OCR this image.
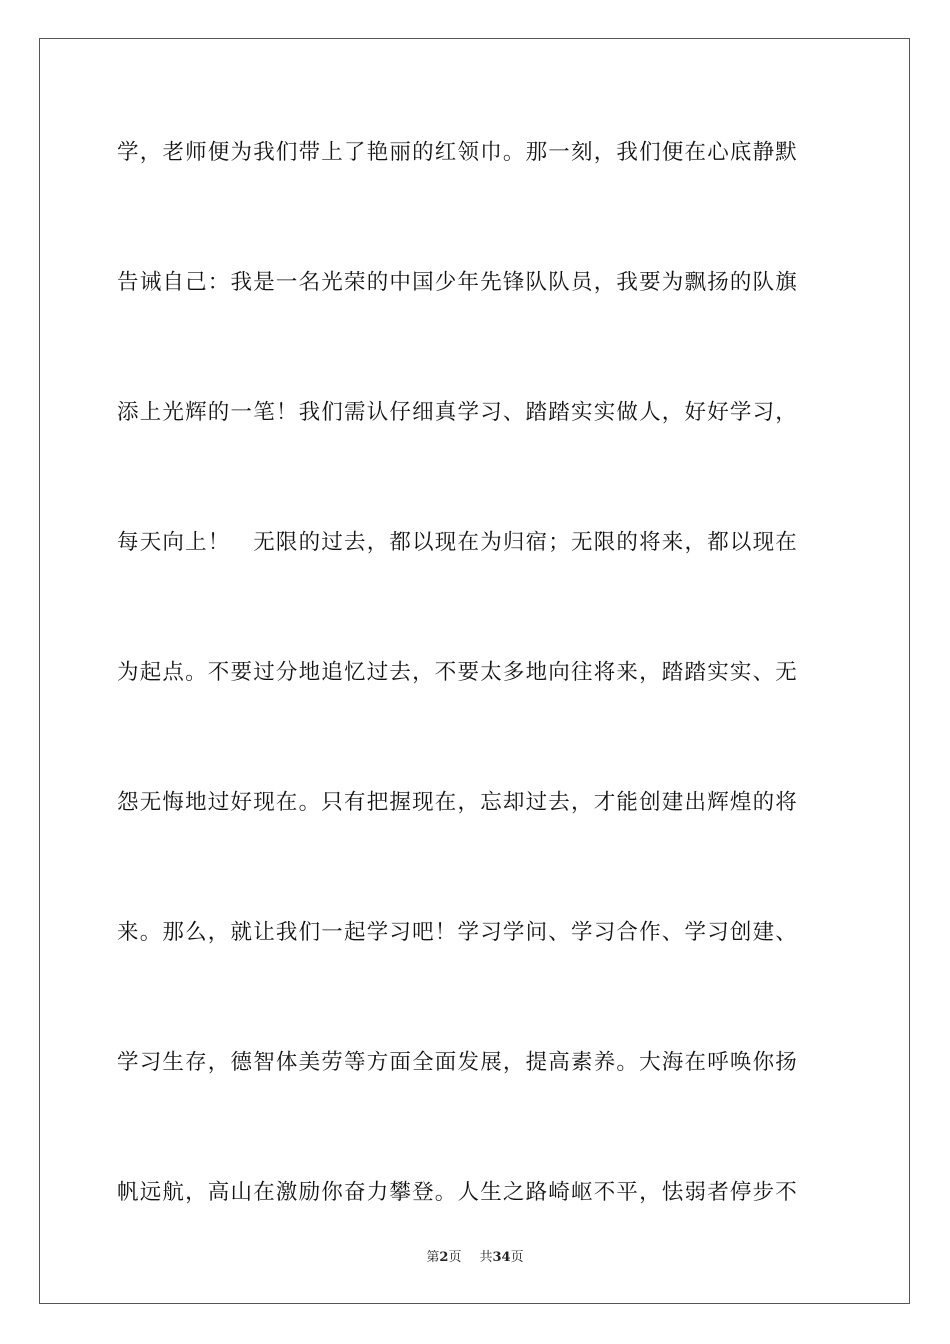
学，老师便为我们带上了艳丽的红领巾。那一刻，我们便在心底静默
告诫自己：我是一名光荣的中国少年先锋队队员，我要为飘扬的队旗
添上光辉的一笔！我们需认仔细真学习、踏踏实实做人，好好学习，
每天向上！　无限的过去，都以现在为归宿；无限的将来，都以现在
为起点。不要过分地追忆过去，不要太多地向往将来，踏踏实实、无
怨无悔地过好现在。只有把握现在，忘却过去，才能创建出辉煌的将
来。那么，就让我们一起学习吧！学习学问、学习合作、学习创建、
学习生存，德智体美劳等方面全面发展，提高素养。大海在呼唤你扬
帆远航，高山在激励你奋力攀登。人生之路崎岖不平，怯弱者停步不
第2页 共34页
